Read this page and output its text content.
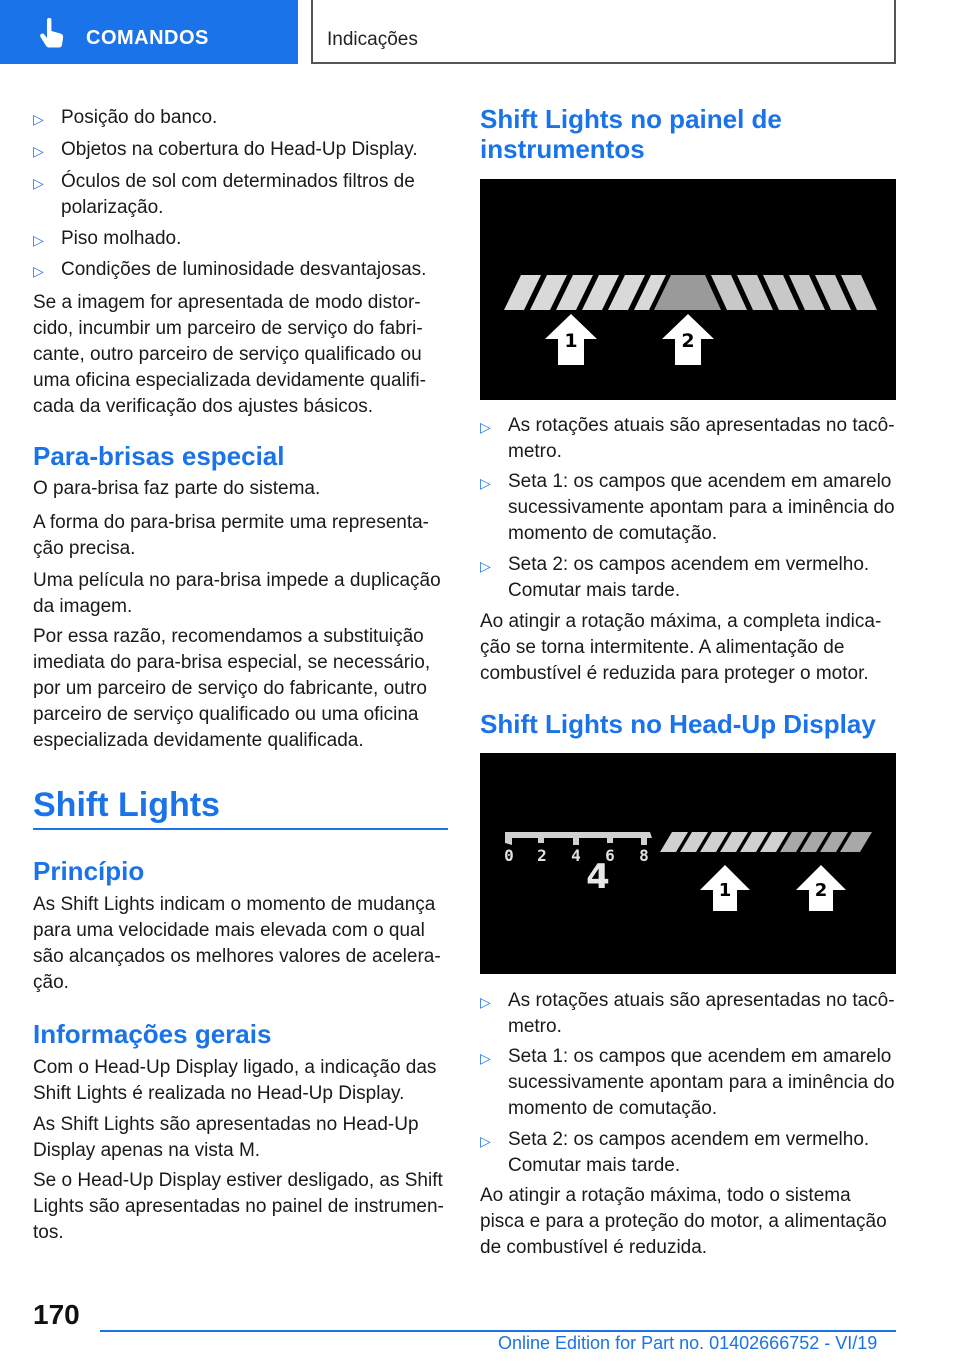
COMANDOS	Indicações
▷ Posição do banco.
▷ Objetos na cobertura do Head-Up Display.
▷ Óculos de sol com determinados filtros de polarização.
▷ Piso molhado.
▷ Condições de luminosidade desvantajosas.

Se a imagem for apresentada de modo distor-cido, incumbir um parceiro de serviço do fabri-cante, outro parceiro de serviço qualificado ou uma oficina especializada devidamente qualifi-cada da verificação dos ajustes básicos.

Para-brisas especial

O para-brisa faz parte do sistema.

A forma do para-brisa permite uma representa-ção precisa.

Uma película no para-brisa impede a duplicação da imagem.

Por essa razão, recomendamos a substituição imediata do para-brisa especial, se necessário, por um parceiro de serviço do fabricante, outro parceiro de serviço qualificado ou uma oficina especializada devidamente qualificada.

Shift Lights
Princípio

As Shift Lights indicam o momento de mudança para uma velocidade mais elevada com o qual são alcançados os melhores valores de acelera-ção.

Informações gerais

Com o Head-Up Display ligado, a indicação das Shift Lights é realizada no Head-Up Display.

As Shift Lights são apresentadas no Head-Up Display apenas na vista M.

Se o Head-Up Display estiver desligado, as Shift Lights são apresentadas no painel de instrumen-tos.

Shift Lights no painel de instrumentos
1	2
▷ As rotações atuais são apresentadas no tacô-metro.
▷ Seta 1: os campos que acendem em amarelo sucessivamente apontam para a iminência do momento de comutação.
▷ Seta 2: os campos acendem em vermelho. Comutar mais tarde.

Ao atingir a rotação máxima, a completa indica-ção se torna intermitente. A alimentação de combustível é reduzida para proteger o motor.

Shift Lights no Head-Up Display
0 2 4 6 8
4	1	2
▷ As rotações atuais são apresentadas no tacô-metro.
▷ Seta 1: os campos que acendem em amarelo sucessivamente apontam para a iminência do momento de comutação.
▷ Seta 2: os campos acendem em vermelho. Comutar mais tarde.

Ao atingir a rotação máxima, todo o sistema pisca e para a proteção do motor, a alimentação de combustível é reduzida.

170
Online Edition for Part no. 01402666752 - VI/19
